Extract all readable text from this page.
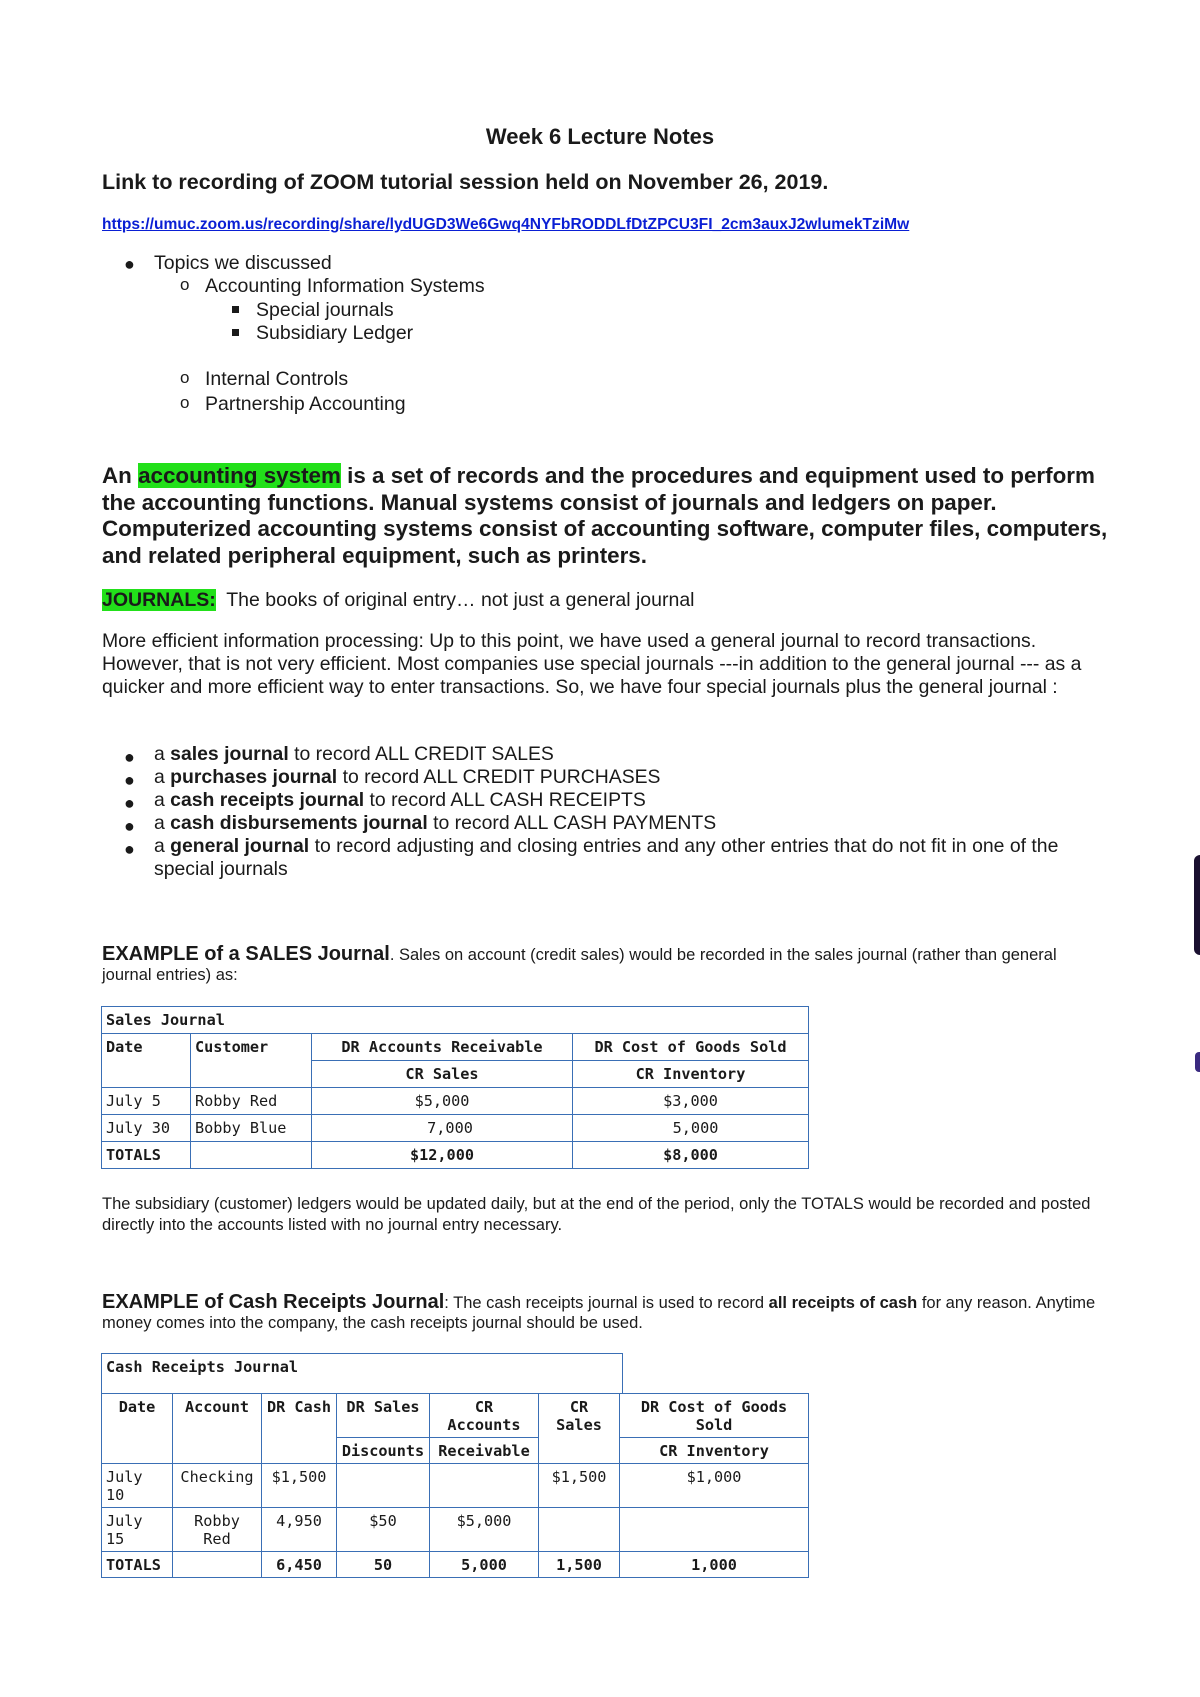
Week 6 Lecture Notes
Link to recording of ZOOM tutorial session held on November 26, 2019.
https://umuc.zoom.us/recording/share/lydUGD3We6Gwq4NYFbRODDLfDtZPCU3FI_2cm3auxJ2wlumekTziMw
● Topics we discussed
o Accounting Information Systems
Special journals
Subsidiary Ledger
o Internal Controls
o Partnership Accounting
An accounting system is a set of records and the procedures and equipment used to perform the accounting functions. Manual systems consist of journals and ledgers on paper. Computerized accounting systems consist of accounting software, computer files, computers, and related peripheral equipment, such as printers.
JOURNALS:  The books of original entry… not just a general journal
More efficient information processing: Up to this point, we have used a general journal to record transactions. However, that is not very efficient. Most companies use special journals ---in addition to the general journal --- as a quicker and more efficient way to enter transactions. So, we have four special journals plus the general journal :
● a sales journal to record ALL CREDIT SALES
● a purchases journal to record ALL CREDIT PURCHASES
● a cash receipts journal to record ALL CASH RECEIPTS
● a cash disbursements journal to record ALL CASH PAYMENTS
● a general journal to record adjusting and closing entries and any other entries that do not fit in one of the special journals
EXAMPLE of a SALES Journal. Sales on account (credit sales) would be recorded in the sales journal (rather than general journal entries) as:
Sales Journal			
Date	Customer	DR Accounts Receivable	DR Cost of Goods Sold
		CR Sales	CR Inventory
July 5	Robby Red	$5,000	$3,000
July 30	Bobby Blue	7,000	5,000
TOTALS		$12,000	$8,000
The subsidiary (customer) ledgers would be updated daily, but at the end of the period, only the TOTALS would be recorded and posted directly into the accounts listed with no journal entry necessary.
EXAMPLE of Cash Receipts Journal: The cash receipts journal is used to record all receipts of cash for any reason. Anytime money comes into the company, the cash receipts journal should be used.
Cash Receipts Journal
Date	Account	DR Cash	DR Sales	CR Accounts	CR Sales	DR Cost of Goods Sold
			Discounts	Receivable		CR Inventory
July 10	Checking	$1,500			$1,500	$1,000
July 15	Robby Red	4,950	$50	$5,000		
TOTALS		6,450	50	5,000	1,500	1,000
